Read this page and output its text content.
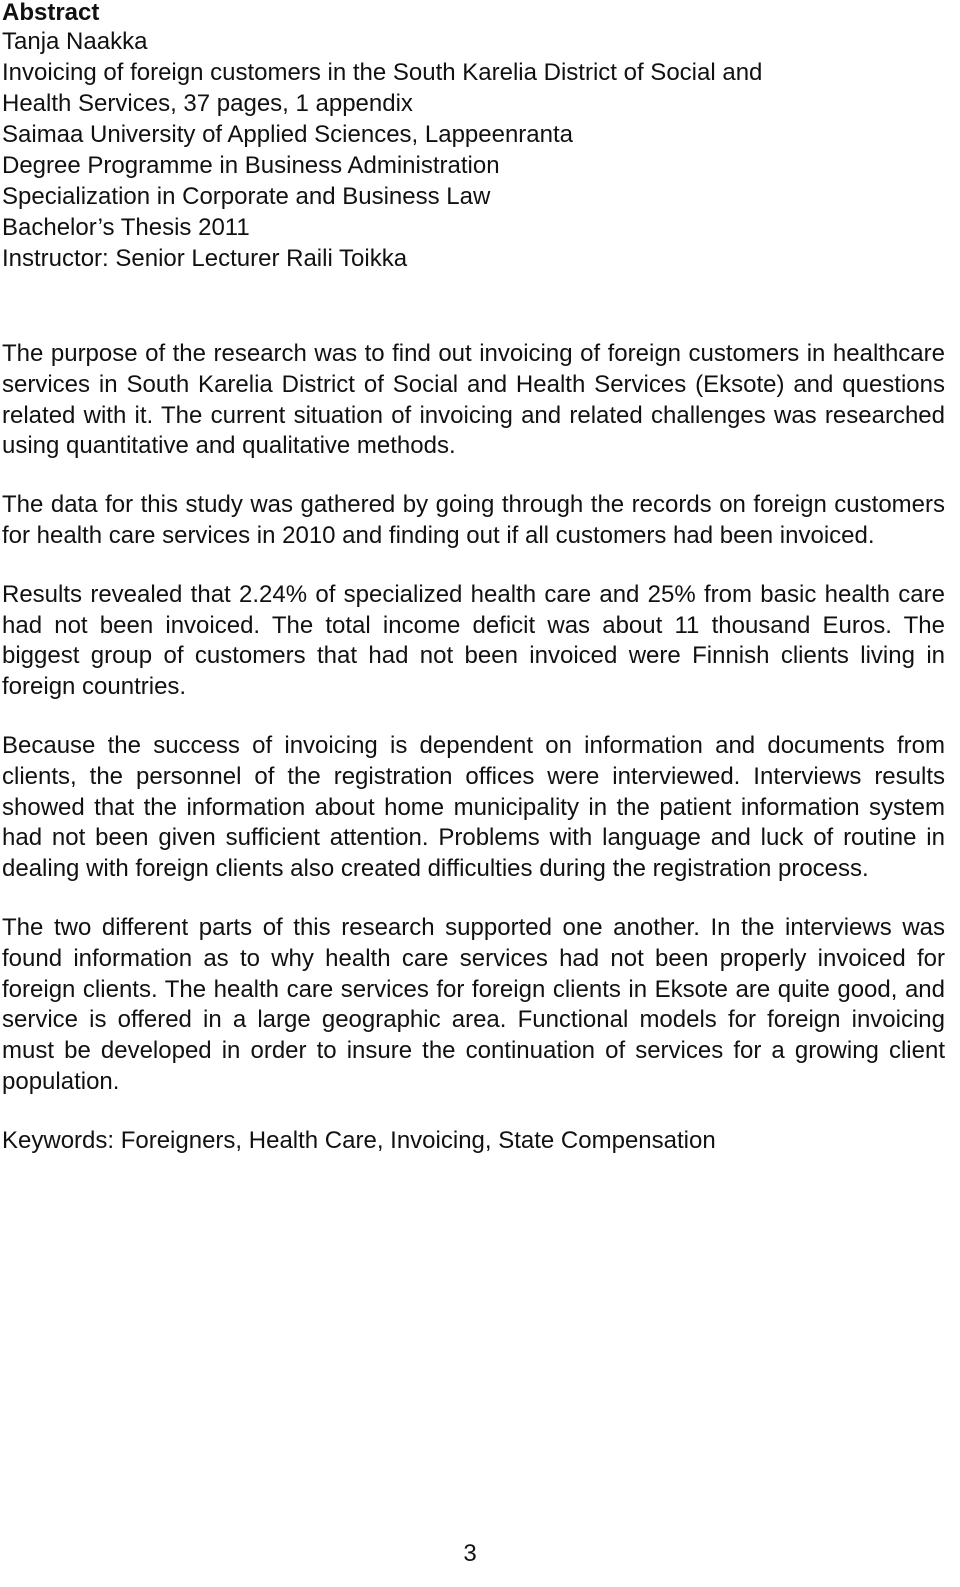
Abstract
Tanja Naakka
Invoicing of foreign customers in the South Karelia District of Social and
Health Services, 37 pages, 1 appendix
Saimaa University of Applied Sciences, Lappeenranta
Degree Programme in Business Administration
Specialization in Corporate and Business Law
Bachelor’s Thesis 2011
Instructor: Senior Lecturer Raili Toikka

The purpose of the research was to find out invoicing of foreign customers in healthcare services in South Karelia District of Social and Health Services (Eksote) and questions related with it. The current situation of invoicing and related challenges was researched using quantitative and qualitative methods.

The data for this study was gathered by going through the records on foreign customers for health care services in 2010 and finding out if all customers had been invoiced.

Results revealed that 2.24% of specialized health care and 25% from basic health care had not been invoiced. The total income deficit was about 11 thousand Euros. The biggest group of customers that had not been invoiced were Finnish clients living in foreign countries.

Because the success of invoicing is dependent on information and documents from clients, the personnel of the registration offices were interviewed. Interviews results showed that the information about home municipality in the patient information system had not been given sufficient attention. Problems with language and luck of routine in dealing with foreign clients also created difficulties during the registration process.

The two different parts of this research supported one another. In the interviews was found information as to why health care services had not been properly invoiced for foreign clients. The health care services for foreign clients in Eksote are quite good, and service is offered in a large geographic area. Functional models for foreign invoicing must be developed in order to insure the continuation of services for a growing client population.

Keywords: Foreigners, Health Care, Invoicing, State Compensation

3
